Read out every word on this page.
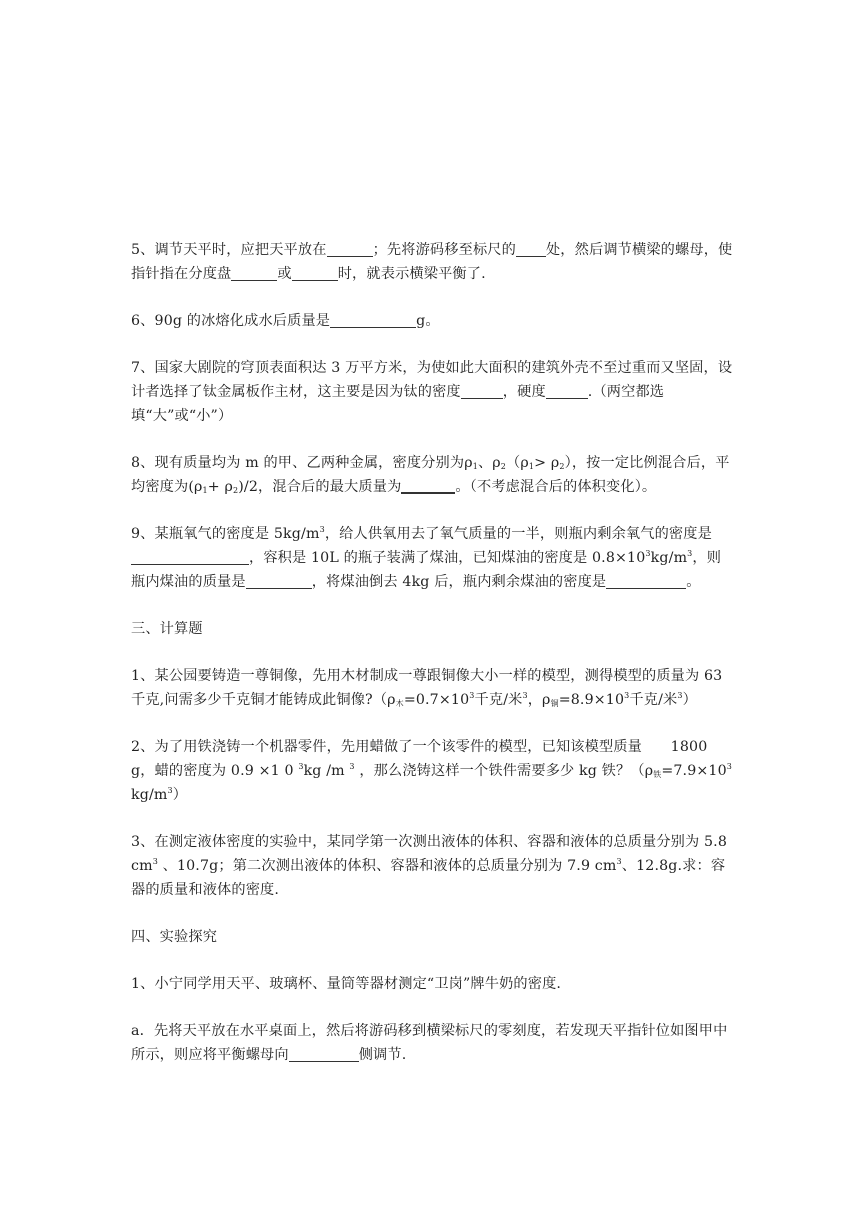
5、调节天平时，应把天平放在	；先将游码移至标尺的 处，然后调节横梁的螺母，使指针指在分度盘	或	时，就表示横梁平衡了.

6、90g 的冰熔化成水后质量是	g。

7、国家大剧院的穹顶表面积达 3 万平方米，为使如此大面积的建筑外壳不至过重而又坚固，设计者选择了钛金属板作主材，这主要是因为钛的密度	，硬度	.（两空都选填“大”或“小”）

8、现有质量均为 m 的甲、乙两种金属，密度分别为$\rho_1$、$\rho_2(\rho_1> \rho_2)$，按一定比例混合后，平均密度为$(\rho_1+ \rho_2)/2$，混合后的最大质量为	。（不考虑混合后的体积变化）。

9、某瓶氧气的密度是 $5kg/m^3$，给人供氧用去了氧气质量的一半，则瓶内剩余氧气的密度是，容积是 10L 的瓶子装满了煤油，已知煤油的密度是 $0.8\times 10^3kg/m^3$，则瓶内煤油的质量是	，将煤油倒去 4kg 后，瓶内剩余煤油的密度是	。

三、计算题

1、某公园要铸造一尊铜像，先用木材制成一尊跟铜像大小一样的模型，测得模型的质量为 63 千克,问需多少千克铜才能铸成此铜像$?(\rho_木=0.7\times 10^3$千克/米$^3$，$\rho_铜=8.9\times 10^3$千克/米$^3$）

2、为了用铁浇铸一个机器零件，先用蜡做了一个该零件的模型，已知该模型质量　　1800 g，蜡的密度为 0.9 ×1 0 $^3$kg /m $^3$ ，那么浇铸这样一个铁件需要多少 kg 铁？（$\rho_铁=7.9\times 10^3$ $kg/m^3$）

3、在测定液体密度的实验中，某同学第一次测出液体的体积、容器和液体的总质量分别为 $5.8cm^3$ 、10.7g；第二次测出液体的体积、容器和液体的总质量分别为 7.9 $cm^3$、12.8g.求：容器的质量和液体的密度.

四、实验探究

1、小宁同学用天平、玻璃杯、量筒等器材测定“卫岗”牌牛奶的密度.

a．先将天平放在水平桌面上，然后将游码移到横梁标尺的零刻度，若发现天平指针位如图甲中所示，则应将平衡螺母向	侧调节.
